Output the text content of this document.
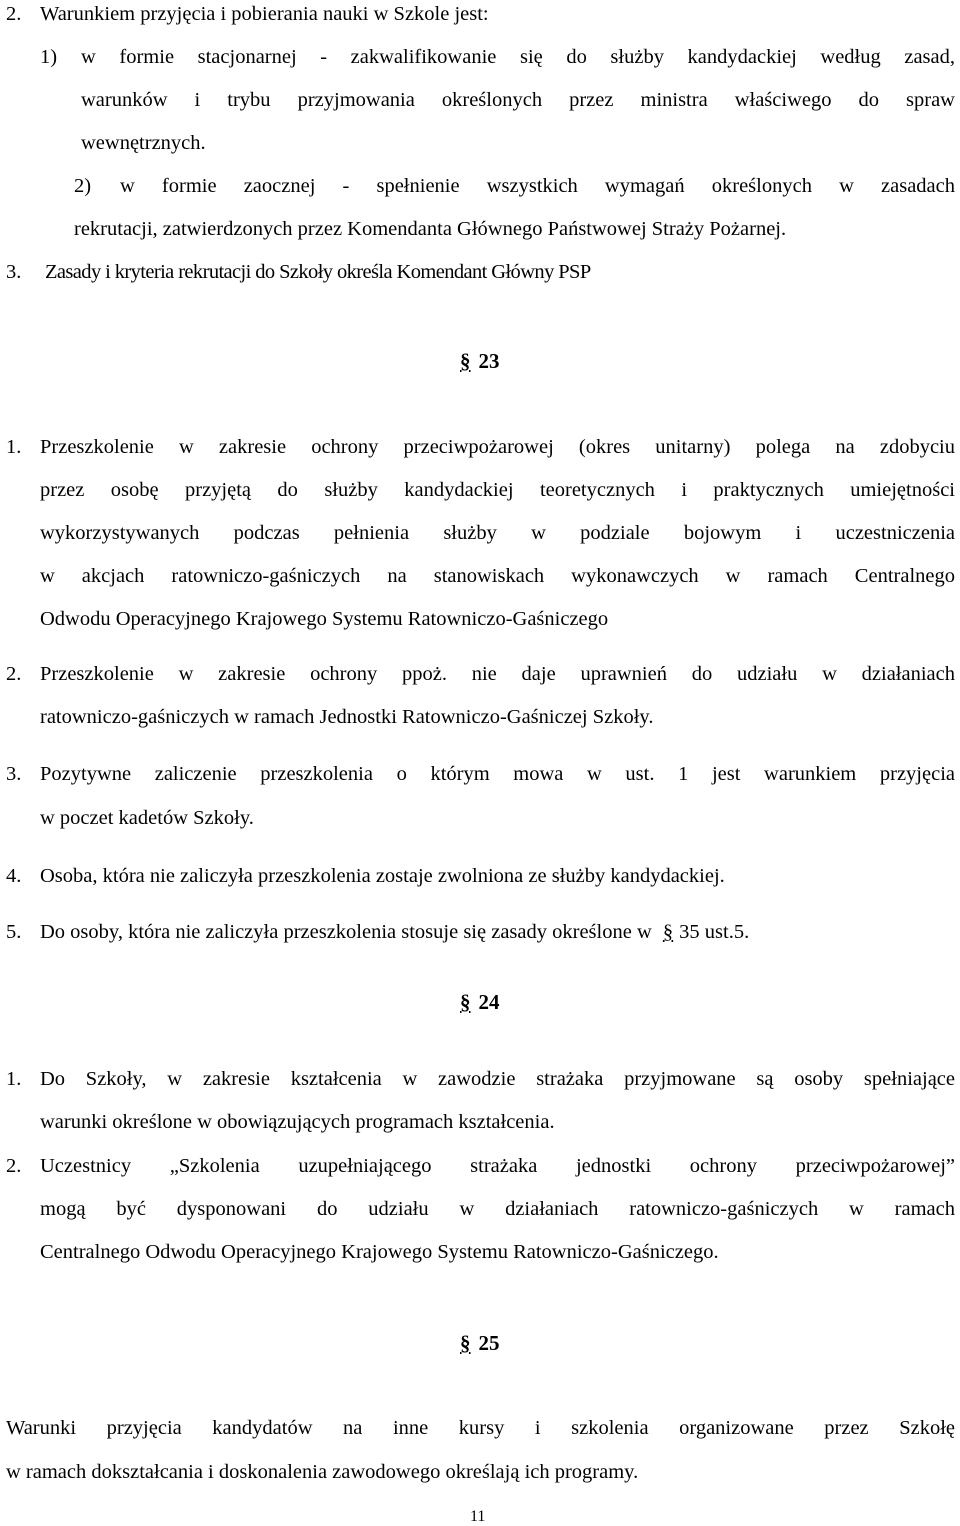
2. Warunkiem przyjęcia i pobierania nauki w Szkole jest:
1) w formie stacjonarnej - zakwalifikowanie się do służby kandydackiej według zasad,
warunków i trybu przyjmowania określonych przez ministra właściwego do spraw
wewnętrznych.
2) w formie zaocznej - spełnienie wszystkich wymagań określonych w zasadach
rekrutacji, zatwierdzonych przez Komendanta Głównego Państwowej Straży Pożarnej.
3. Zasady i kryteria rekrutacji do Szkoły określa Komendant Główny PSP
§ 23
1. Przeszkolenie w zakresie ochrony przeciwpożarowej (okres unitarny) polega na zdobyciu
przez osobę przyjętą do służby kandydackiej teoretycznych i praktycznych umiejętności
wykorzystywanych podczas pełnienia służby w podziale bojowym i uczestniczenia
w akcjach ratowniczo-gaśniczych na stanowiskach wykonawczych w ramach Centralnego
Odwodu Operacyjnego Krajowego Systemu Ratowniczo-Gaśniczego
2. Przeszkolenie w zakresie ochrony ppoż. nie daje uprawnień do udziału w działaniach
ratowniczo-gaśniczych w ramach Jednostki Ratowniczo-Gaśniczej Szkoły.
3. Pozytywne zaliczenie przeszkolenia o którym mowa w ust. 1 jest warunkiem przyjęcia
w poczet kadetów Szkoły.
4. Osoba, która nie zaliczyła przeszkolenia zostaje zwolniona ze służby kandydackiej.
5. Do osoby, która nie zaliczyła przeszkolenia stosuje się zasady określone w § 35 ust.5.
§ 24
1. Do Szkoły, w zakresie kształcenia w zawodzie strażaka przyjmowane są osoby spełniające
warunki określone w obowiązujących programach kształcenia.
2. Uczestnicy „Szkolenia uzupełniającego strażaka jednostki ochrony przeciwpożarowej”
mogą być dysponowani do udziału w działaniach ratowniczo-gaśniczych w ramach
Centralnego Odwodu Operacyjnego Krajowego Systemu Ratowniczo-Gaśniczego.
§ 25
Warunki przyjęcia kandydatów na inne kursy i szkolenia organizowane przez Szkołę
w ramach dokształcania i doskonalenia zawodowego określają ich programy.
11
